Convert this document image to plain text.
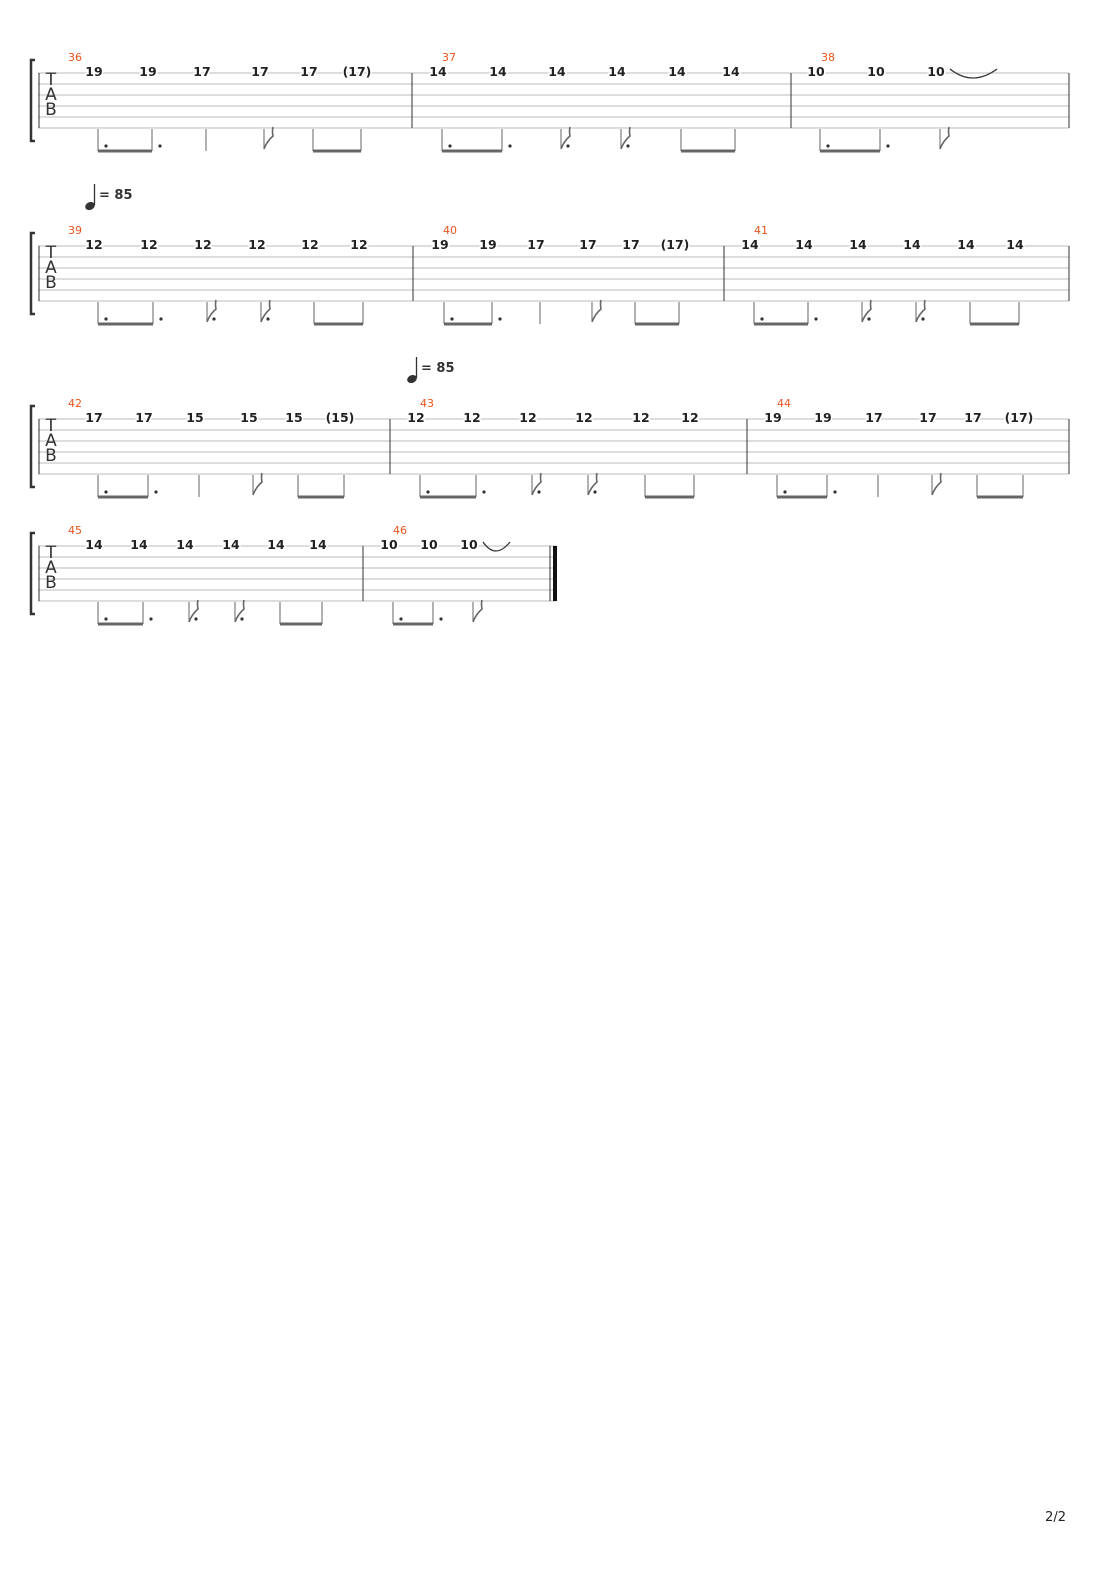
T
A
B
36
19	19	17	17	17 (17)
37
14	14	14	14	14	14
38
10	10	10
T
A
B
39
= 85
12	12	12	12	12	12
40
19 19 17	17 17 (17)
41
14	14	14	14	14	14
T
A
B
42
17	17	15	15 15 (15)
43
= 85
12	12	12	12	12	12
44
19	19	17	17 17 (17)
T
A
B
45
14 14 14 14 14 14
46
10 10 10
2/2
